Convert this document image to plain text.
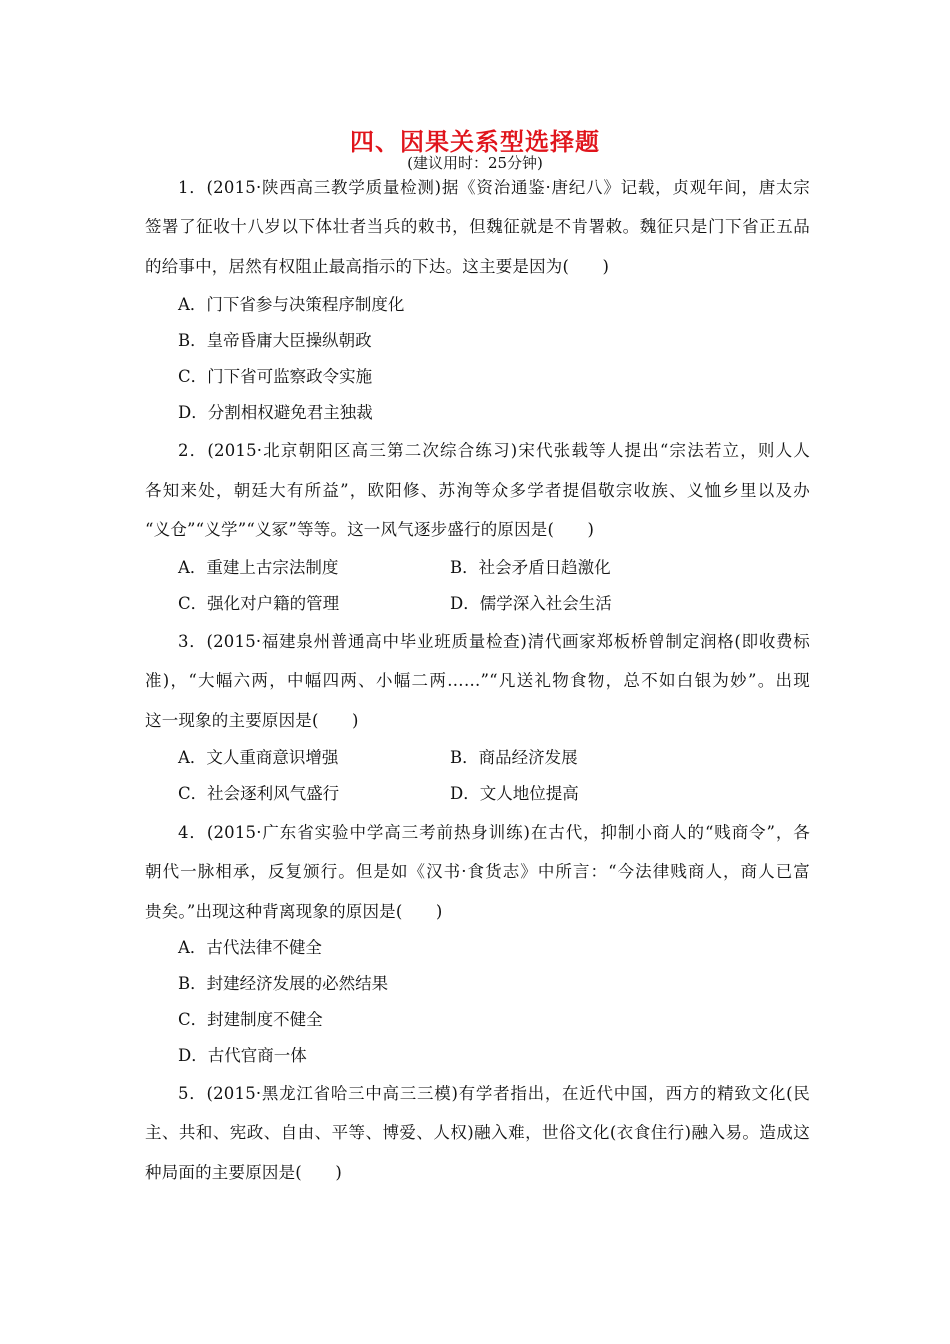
四、因果关系型选择题
(建议用时：25分钟)
1．(2015·陕西高三教学质量检测)据《资治通鉴·唐纪八》记载，贞观年间，唐太宗
签署了征收十八岁以下体壮者当兵的敕书，但魏征就是不肯署敕。魏征只是门下省正五品
的给事中，居然有权阻止最高指示的下达。这主要是因为(　　)
A．门下省参与决策程序制度化
B．皇帝昏庸大臣操纵朝政
C．门下省可监察政令实施
D．分割相权避免君主独裁
2．(2015·北京朝阳区高三第二次综合练习)宋代张载等人提出“宗法若立，则人人
各知来处，朝廷大有所益”，欧阳修、苏洵等众多学者提倡敬宗收族、义恤乡里以及办
“义仓”“义学”“义冢”等等。这一风气逐步盛行的原因是(　　)
A．重建上古宗法制度	B．社会矛盾日趋激化
C．强化对户籍的管理	D．儒学深入社会生活
3．(2015·福建泉州普通高中毕业班质量检查)清代画家郑板桥曾制定润格(即收费标
准)，“大幅六两，中幅四两、小幅二两……”“凡送礼物食物，总不如白银为妙”。出现
这一现象的主要原因是(　　)
A．文人重商意识增强	B．商品经济发展
C．社会逐利风气盛行	D．文人地位提高
4．(2015·广东省实验中学高三考前热身训练)在古代，抑制小商人的“贱商令”，各
朝代一脉相承，反复颁行。但是如《汉书·食货志》中所言：“今法律贱商人，商人已富
贵矣。”出现这种背离现象的原因是(　　)
A．古代法律不健全
B．封建经济发展的必然结果
C．封建制度不健全
D．古代官商一体
5．(2015·黑龙江省哈三中高三三模)有学者指出，在近代中国，西方的精致文化(民
主、共和、宪政、自由、平等、博爱、人权)融入难，世俗文化(衣食住行)融入易。造成这
种局面的主要原因是(　　)
